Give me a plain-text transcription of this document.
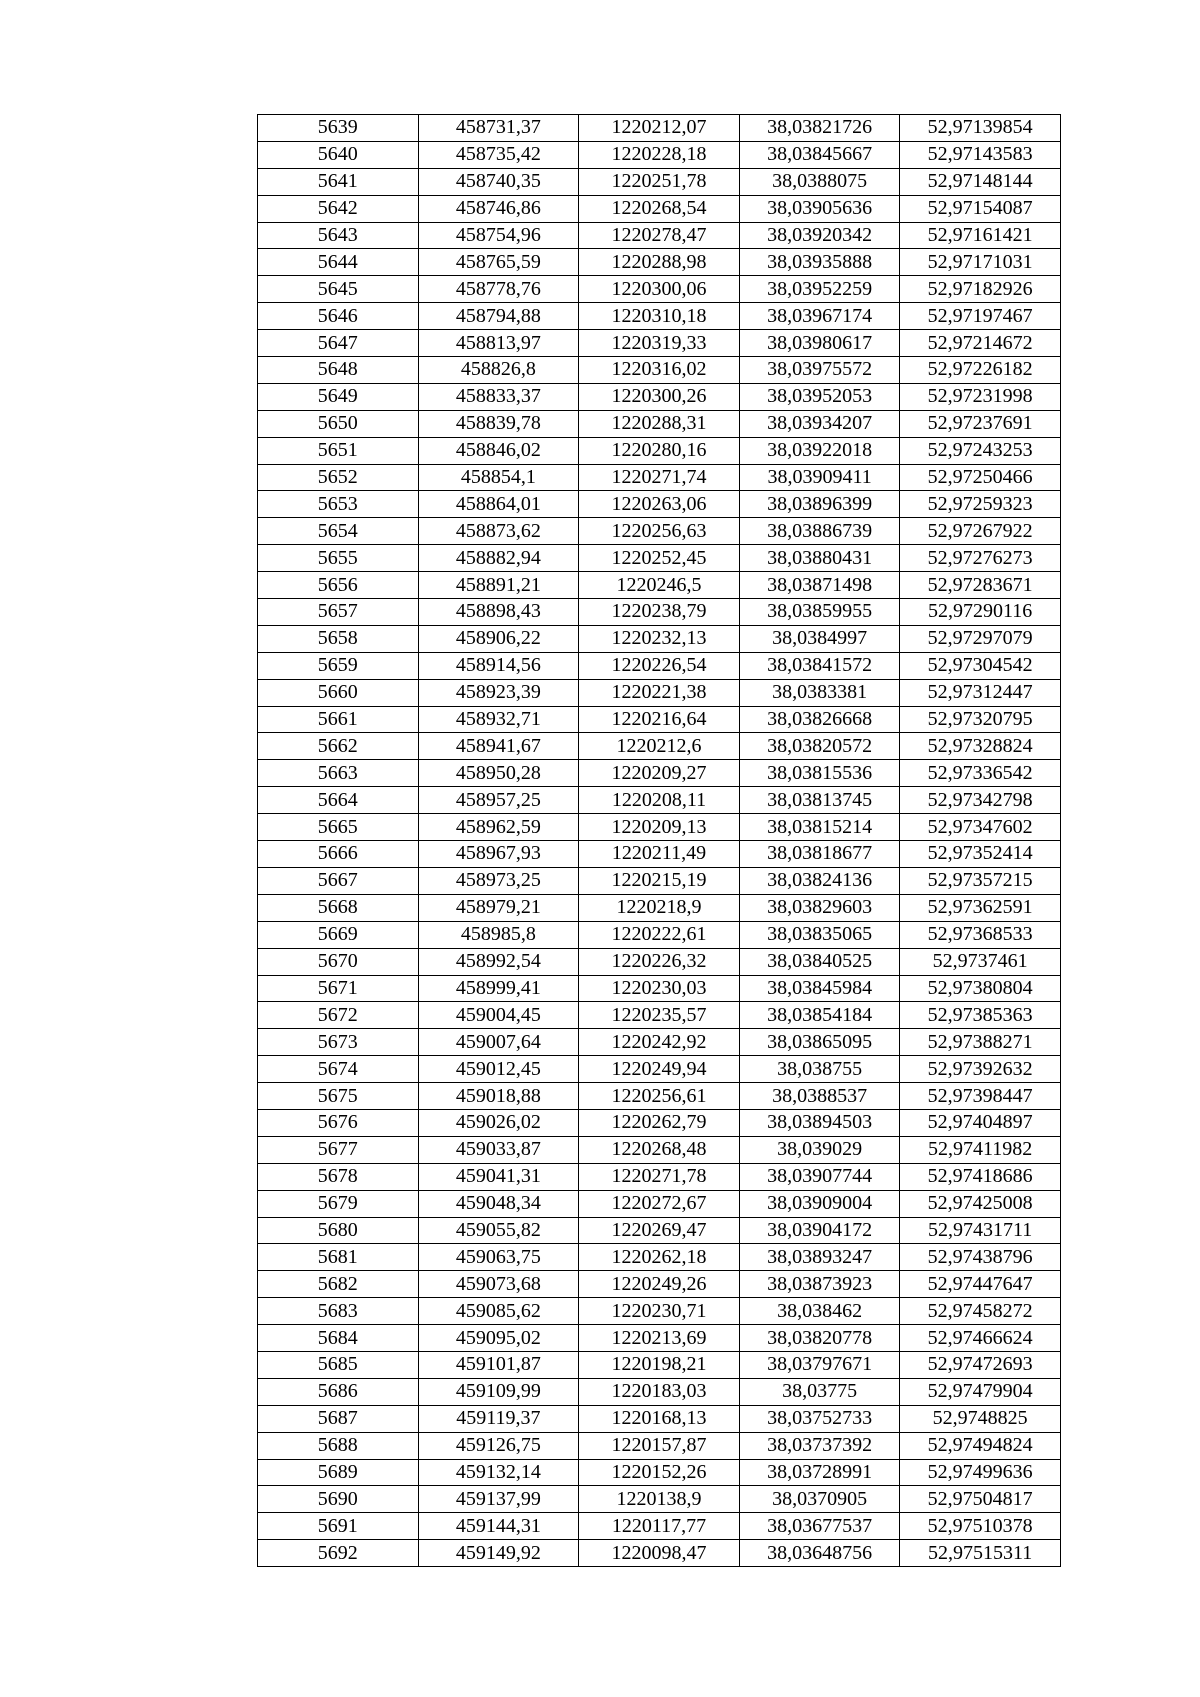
5639	458731,37	1220212,07	38,03821726	52,97139854
5640	458735,42	1220228,18	38,03845667	52,97143583
5641	458740,35	1220251,78	38,0388075	52,97148144
5642	458746,86	1220268,54	38,03905636	52,97154087
5643	458754,96	1220278,47	38,03920342	52,97161421
5644	458765,59	1220288,98	38,03935888	52,97171031
5645	458778,76	1220300,06	38,03952259	52,97182926
5646	458794,88	1220310,18	38,03967174	52,97197467
5647	458813,97	1220319,33	38,03980617	52,97214672
5648	458826,8	1220316,02	38,03975572	52,97226182
5649	458833,37	1220300,26	38,03952053	52,97231998
5650	458839,78	1220288,31	38,03934207	52,97237691
5651	458846,02	1220280,16	38,03922018	52,97243253
5652	458854,1	1220271,74	38,03909411	52,97250466
5653	458864,01	1220263,06	38,03896399	52,97259323
5654	458873,62	1220256,63	38,03886739	52,97267922
5655	458882,94	1220252,45	38,03880431	52,97276273
5656	458891,21	1220246,5	38,03871498	52,97283671
5657	458898,43	1220238,79	38,03859955	52,97290116
5658	458906,22	1220232,13	38,0384997	52,97297079
5659	458914,56	1220226,54	38,03841572	52,97304542
5660	458923,39	1220221,38	38,0383381	52,97312447
5661	458932,71	1220216,64	38,03826668	52,97320795
5662	458941,67	1220212,6	38,03820572	52,97328824
5663	458950,28	1220209,27	38,03815536	52,97336542
5664	458957,25	1220208,11	38,03813745	52,97342798
5665	458962,59	1220209,13	38,03815214	52,97347602
5666	458967,93	1220211,49	38,03818677	52,97352414
5667	458973,25	1220215,19	38,03824136	52,97357215
5668	458979,21	1220218,9	38,03829603	52,97362591
5669	458985,8	1220222,61	38,03835065	52,97368533
5670	458992,54	1220226,32	38,03840525	52,9737461
5671	458999,41	1220230,03	38,03845984	52,97380804
5672	459004,45	1220235,57	38,03854184	52,97385363
5673	459007,64	1220242,92	38,03865095	52,97388271
5674	459012,45	1220249,94	38,038755	52,97392632
5675	459018,88	1220256,61	38,0388537	52,97398447
5676	459026,02	1220262,79	38,03894503	52,97404897
5677	459033,87	1220268,48	38,039029	52,97411982
5678	459041,31	1220271,78	38,03907744	52,97418686
5679	459048,34	1220272,67	38,03909004	52,97425008
5680	459055,82	1220269,47	38,03904172	52,97431711
5681	459063,75	1220262,18	38,03893247	52,97438796
5682	459073,68	1220249,26	38,03873923	52,97447647
5683	459085,62	1220230,71	38,038462	52,97458272
5684	459095,02	1220213,69	38,03820778	52,97466624
5685	459101,87	1220198,21	38,03797671	52,97472693
5686	459109,99	1220183,03	38,03775	52,97479904
5687	459119,37	1220168,13	38,03752733	52,9748825
5688	459126,75	1220157,87	38,03737392	52,97494824
5689	459132,14	1220152,26	38,03728991	52,97499636
5690	459137,99	1220138,9	38,0370905	52,97504817
5691	459144,31	1220117,77	38,03677537	52,97510378
5692	459149,92	1220098,47	38,03648756	52,97515311
